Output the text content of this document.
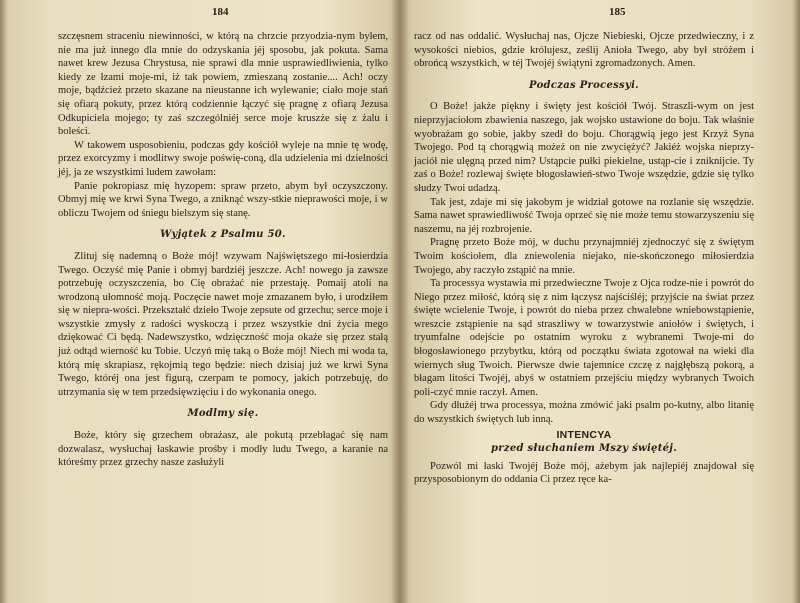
184

szczęsnem straceniu niewinności, w którą na chrzcie przyodzia-nym byłem, nie ma już innego dla mnie do odzyskania jéj sposobu, jak pokuta. Sama nawet krew Jezusa Chrystusa, nie sprawi dla mnie usprawiedliwienia, tylko kiedy ze łzami moje-mi, iż tak powiem, zmieszaną zostanie.... Ach! oczy moje, bądźcież przeto skazane na nieustanne ich wylewanie; ciało moje stań się ofiarą pokuty, przez którą codziennie łączyć się pragnę z ofiarą Jezusa Odkupiciela mojego; ty zaś szczególniéj serce moje kruszże się z żalu i boleści.

W takowem usposobieniu, podczas gdy kościół wyleje na mnie tę wodę, przez exorcyzmy i modlitwy swoje poświę-coną, dla udzielenia mi dzielności jéj, ja ze wszystkimi ludem zawołam:

Panie pokropiasz mię hyzopem: spraw przeto, abym był oczyszczony. Obmyj mię we krwi Syna Twego, a zniknąć wszy-stkie nieprawości moje, i w obliczu Twojem od śniegu bielszym się stanę.

Wyjątek z Psalmu 50.

Zlituj się nademną o Boże mój! wzywam Najświętszego mi-łosierdzia Twego. Oczyść mię Panie i obmyj bardziéj jeszcze. Ach! nowego ja zawsze potrzebuję oczyszczenia, bo Cię obrażać nie przestaję. Pomaij atoli na wrodzoną ułomność moją. Poczęcie nawet moje zmazanem było, i urodziłem się w niepra-wości. Przekształć dzieło Twoje zepsute od grzechu; serce moje i wszystkie zmysły z radości wyskoczą i przez wszystkie dni życia mego dziękować Ci będą. Nadewszystko, wdzięczność moja okaże się przez stałą już odtąd wierność ku Tobie. Uczyń mię taką o Boże mój! Niech mi woda ta, którą mię skrapiasz, rękojmią tego będzie: niech dzisiaj już we krwi Syna Twego, któréj ona jest figurą, czerpam te pomocy, jakich potrzebuję, do utrzymania się w tem przedsięwzięciu i do wykonania onego.

Modlmy się.

Boże, który się grzechem obrażasz, ale pokutą przebłagać się nam dozwalasz, wysłuchaj łaskawie prośby i modły ludu Twego, a karanie na któreśmy przez grzechy nasze zasłużyli

185

racz od nas oddalić. Wysłuchaj nas, Ojcze Niebieski, Ojcze przedwieczny, i z wysokości niebios, gdzie królujesz, ześlij Anioła Twego, aby był stróżem i obrońcą wszystkich, w téj Twojéj świątyni zgromadzonych. Amen.

Podczas Processyi.

O Boże! jakże piękny i święty jest kościół Twój. Straszli-wym on jest nieprzyjaciołom zbawienia naszego, jak wojsko ustawione do boju. Tak właśnie wyobrażam go sobie, jakby szedł do boju. Chorągwią jego jest Krzyż Syna Twojego. Pod tą chorągwią możeż on nie zwyciężyć? Jakiéż wojska nieprzy-jaciół nie ulęgną przed nim? Ustąpcie pułki piekielne, ustąp-cie i zniknijcie. Ty zaś o Boże! rozlewaj święte błogosławień-stwo Twoje wszędzie, gdzie się tylko słudzy Twoi udadzą.

Tak jest, zdaje mi się jakobym je widział gotowe na rozlanie się wszędzie. Sama nawet sprawiedliwość Twoja oprzeć się nie może temu stowarzyszeniu się naszemu, na jéj rozbrojenie.

Pragnę przeto Boże mój, w duchu przynajmniéj zjednoczyć się z świętym Twoim kościołem, dla zniewolenia niejako, nie-skończonego miłosierdzia Twojego, aby raczyło zstąpić na mnie.

Ta processya wystawia mi przedwieczne Twoje z Ojca rodze-nie i powrót do Niego przez miłość, którą się z nim łączysz najściśléj; przyjście na świat przez święte wcielenie Twoje, i powrót do nieba przez chwalebne wniebowstąpienie, wreszcie zstąpienie na sąd straszliwy w towarzystwie aniołów i świętych, i tryumfalne odejście po ostatnim wyroku z wybranemi Twoje-mi do błogosławionego przybytku, którą od początku świata zgotował na wieki dla wiernych sług Twoich. Pierwsze dwie tajemnice czczę z najgłębszą pokorą, a błagam litości Twojéj, abyś w ostatniem przejściu między wybranych Twoich poli-czyć mnie raczył. Amen.

Gdy dłużéj trwa processya, można zmówić jaki psalm po-kutny, albo litanię do wszystkich świętych lub inną.

INTENCYA
przed słuchaniem Mszy świętéj.

Pozwól mi łaski Twojéj Boże mój, ażebym jak najlepiéj znajdował się przysposobionym do oddania Ci przez ręce ka-
